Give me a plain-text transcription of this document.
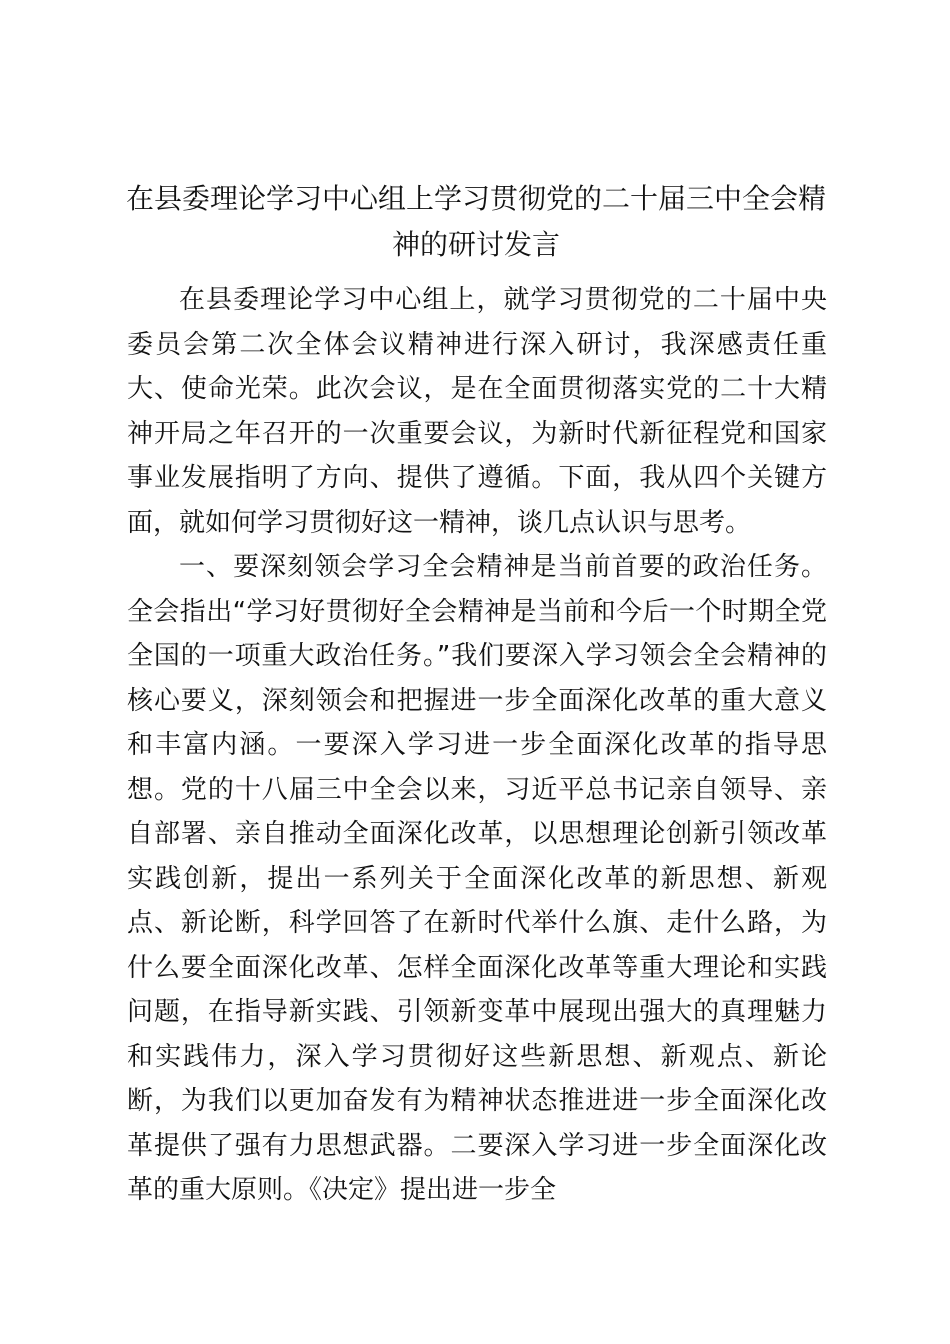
在县委理论学习中心组上学习贯彻党的二十届三中全会精神的研讨发言

在县委理论学习中心组上，就学习贯彻党的二十届中央委员会第二次全体会议精神进行深入研讨，我深感责任重大、使命光荣。此次会议，是在全面贯彻落实党的二十大精神开局之年召开的一次重要会议，为新时代新征程党和国家事业发展指明了方向、提供了遵循。下面，我从四个关键方面，就如何学习贯彻好这一精神，谈几点认识与思考。

一、要深刻领会学习全会精神是当前首要的政治任务。全会指出“学习好贯彻好全会精神是当前和今后一个时期全党全国的一项重大政治任务。”我们要深入学习领会全会精神的核心要义，深刻领会和把握进一步全面深化改革的重大意义和丰富内涵。一要深入学习进一步全面深化改革的指导思想。党的十八届三中全会以来，习近平总书记亲自领导、亲自部署、亲自推动全面深化改革，以思想理论创新引领改革实践创新，提出一系列关于全面深化改革的新思想、新观点、新论断，科学回答了在新时代举什么旗、走什么路，为什么要全面深化改革、怎样全面深化改革等重大理论和实践问题，在指导新实践、引领新变革中展现出强大的真理魅力和实践伟力，深入学习贯彻好这些新思想、新观点、新论断，为我们以更加奋发有为精神状态推进进一步全面深化改革提供了强有力思想武器。二要深入学习进一步全面深化改革的重大原则。《决定》提出进一步全
